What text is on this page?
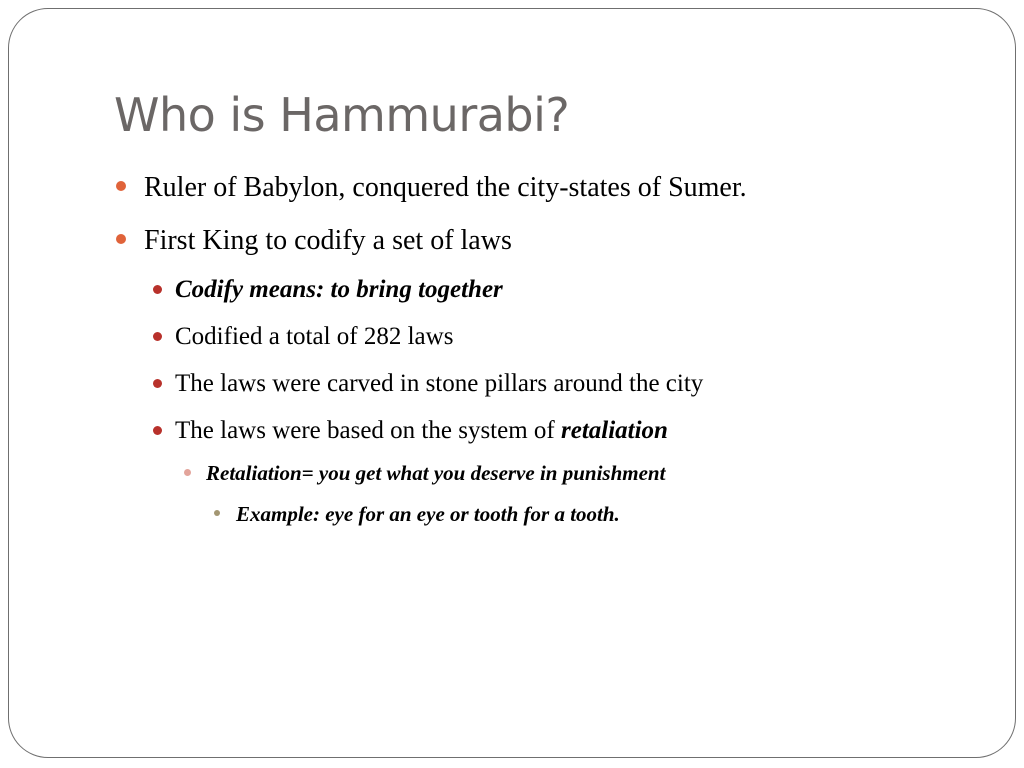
Who is Hammurabi?

Ruler of Babylon, conquered the city-states of Sumer.

First King to codify a set of laws

Codify means: to bring together

Codified a total of 282 laws

The laws were carved in stone pillars around the city

The laws were based on the system of retaliation

Retaliation= you get what you deserve in punishment

Example: eye for an eye or tooth for a tooth.
